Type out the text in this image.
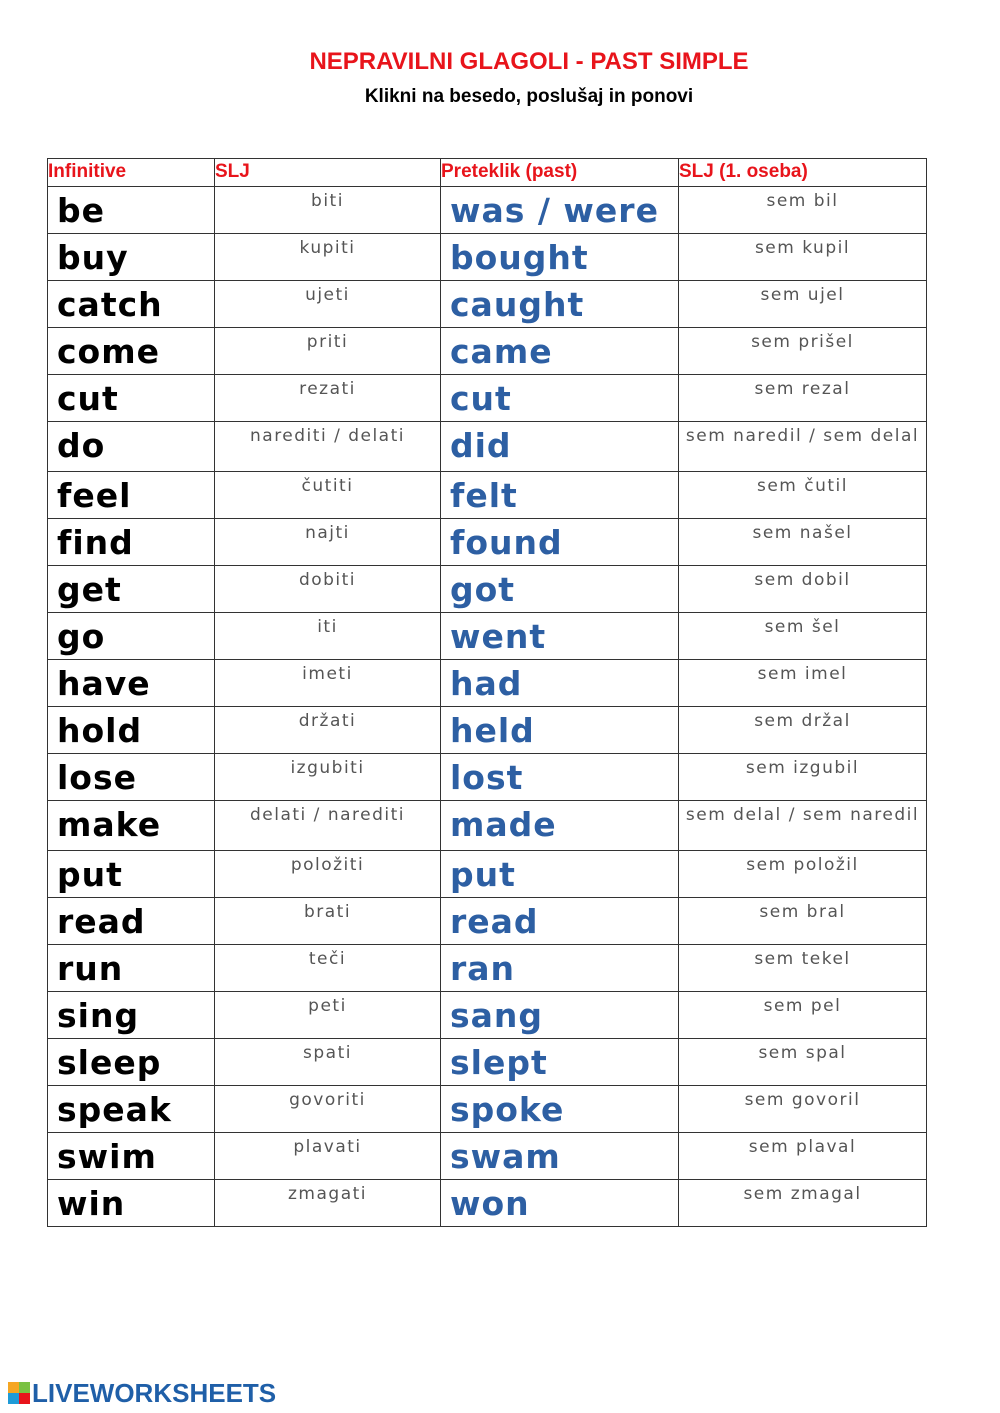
NEPRAVILNI GLAGOLI - PAST SIMPLE
Klikni na besedo, poslušaj in ponovi
Infinitive	SLJ	Preteklik (past)	SLJ (1. oseba)
be	biti	was / were	sem bil
buy	kupiti	bought	sem kupil
catch	ujeti	caught	sem ujel
come	priti	came	sem prišel
cut	rezati	cut	sem rezal
do	narediti / delati	did	sem naredil / sem delal
feel	čutiti	felt	sem čutil
find	najti	found	sem našel
get	dobiti	got	sem dobil
go	iti	went	sem šel
have	imeti	had	sem imel
hold	držati	held	sem držal
lose	izgubiti	lost	sem izgubil
make	delati / narediti	made	sem delal / sem naredil
put	položiti	put	sem položil
read	brati	read	sem bral
run	teči	ran	sem tekel
sing	peti	sang	sem pel
sleep	spati	slept	sem spal
speak	govoriti	spoke	sem govoril
swim	plavati	swam	sem plaval
win	zmagati	won	sem zmagal
LIVEWORKSHEETS
